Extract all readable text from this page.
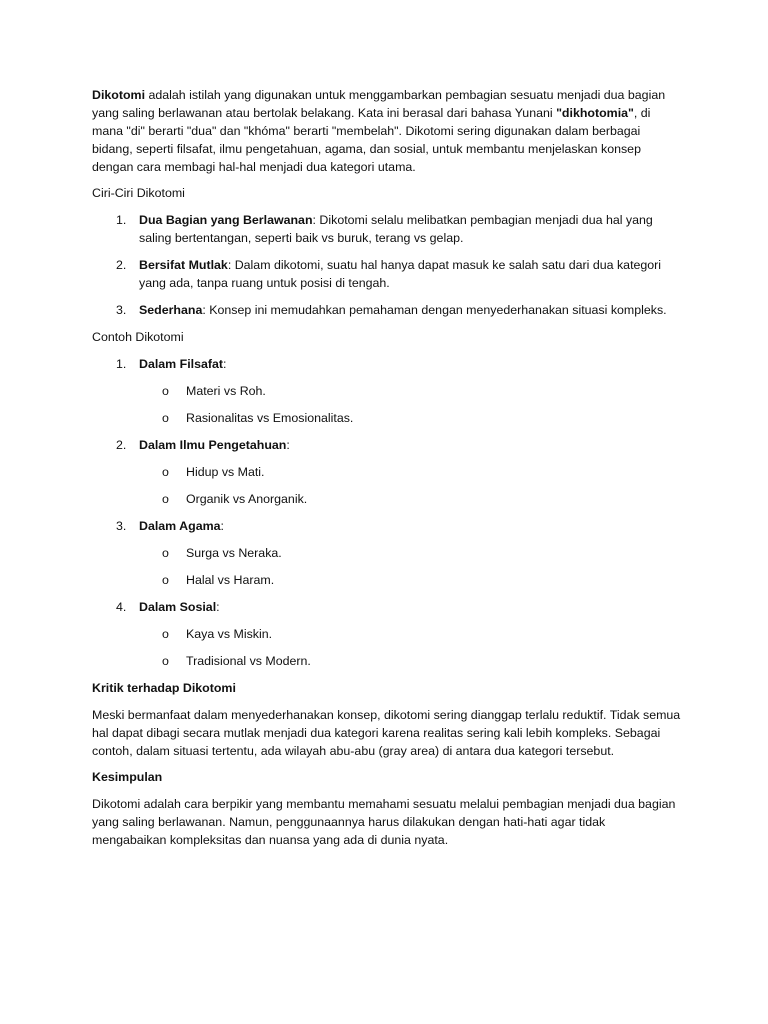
Dikotomi adalah istilah yang digunakan untuk menggambarkan pembagian sesuatu menjadi dua bagian yang saling berlawanan atau bertolak belakang. Kata ini berasal dari bahasa Yunani "dikhotomia", di mana "di" berarti "dua" dan "khóma" berarti "membelah". Dikotomi sering digunakan dalam berbagai bidang, seperti filsafat, ilmu pengetahuan, agama, dan sosial, untuk membantu menjelaskan konsep dengan cara membagi hal-hal menjadi dua kategori utama.

Ciri-Ciri Dikotomi

1. Dua Bagian yang Berlawanan: Dikotomi selalu melibatkan pembagian menjadi dua hal yang saling bertentangan, seperti baik vs buruk, terang vs gelap.
2. Bersifat Mutlak: Dalam dikotomi, suatu hal hanya dapat masuk ke salah satu dari dua kategori yang ada, tanpa ruang untuk posisi di tengah.
3. Sederhana: Konsep ini memudahkan pemahaman dengan menyederhanakan situasi kompleks.

Contoh Dikotomi

1. Dalam Filsafat:
o Materi vs Roh.
o Rasionalitas vs Emosionalitas.
2. Dalam Ilmu Pengetahuan:
o Hidup vs Mati.
o Organik vs Anorganik.
3. Dalam Agama:
o Surga vs Neraka.
o Halal vs Haram.
4. Dalam Sosial:
o Kaya vs Miskin.
o Tradisional vs Modern.

Kritik terhadap Dikotomi

Meski bermanfaat dalam menyederhanakan konsep, dikotomi sering dianggap terlalu reduktif. Tidak semua hal dapat dibagi secara mutlak menjadi dua kategori karena realitas sering kali lebih kompleks. Sebagai contoh, dalam situasi tertentu, ada wilayah abu-abu (gray area) di antara dua kategori tersebut.

Kesimpulan

Dikotomi adalah cara berpikir yang membantu memahami sesuatu melalui pembagian menjadi dua bagian yang saling berlawanan. Namun, penggunaannya harus dilakukan dengan hati-hati agar tidak mengabaikan kompleksitas dan nuansa yang ada di dunia nyata.
